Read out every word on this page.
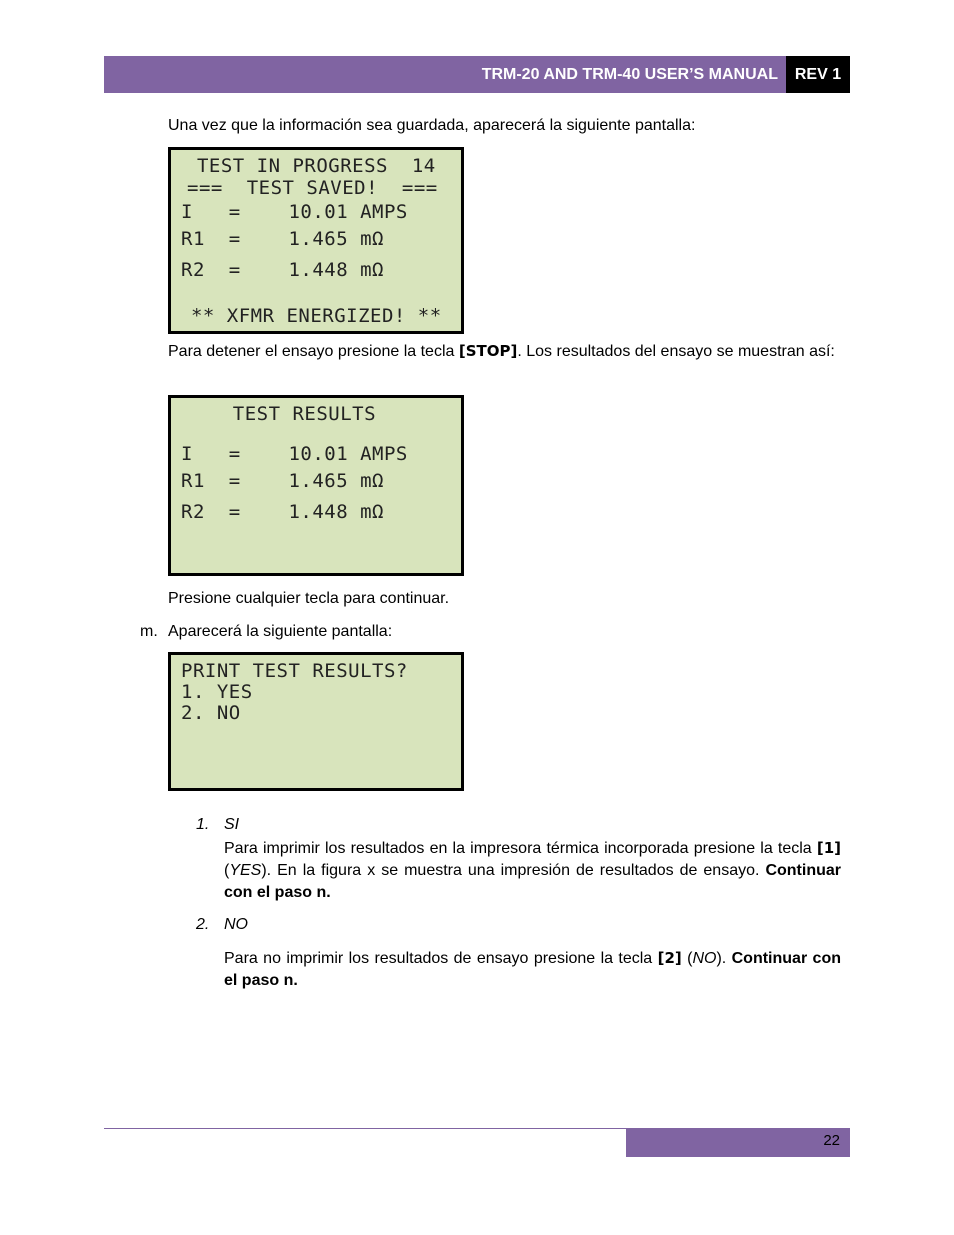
TRM-20 AND TRM-40 USER’S MANUAL	REV 1
Una vez que la información sea guardada, aparecerá la siguiente pantalla:
TEST IN PROGRESS  14
===  TEST SAVED!  ===
I   =    10.01 AMPS
R1  =    1.465 mΩ
R2  =    1.448 mΩ
** XFMR ENERGIZED! **
Para detener el ensayo presione la tecla [STOP]. Los resultados del ensayo se muestran así:
TEST RESULTS
I   =    10.01 AMPS
R1  =    1.465 mΩ
R2  =    1.448 mΩ
Presione cualquier tecla para continuar.
m. Aparecerá la siguiente pantalla:
PRINT TEST RESULTS?
1. YES
2. NO
1. SI
Para imprimir los resultados en la impresora térmica incorporada presione la tecla [1] (YES). En la figura x se muestra una impresión de resultados de ensayo. Continuar con el paso n.
2. NO
Para no imprimir los resultados de ensayo presione la tecla [2] (NO). Continuar con el paso n.
22
